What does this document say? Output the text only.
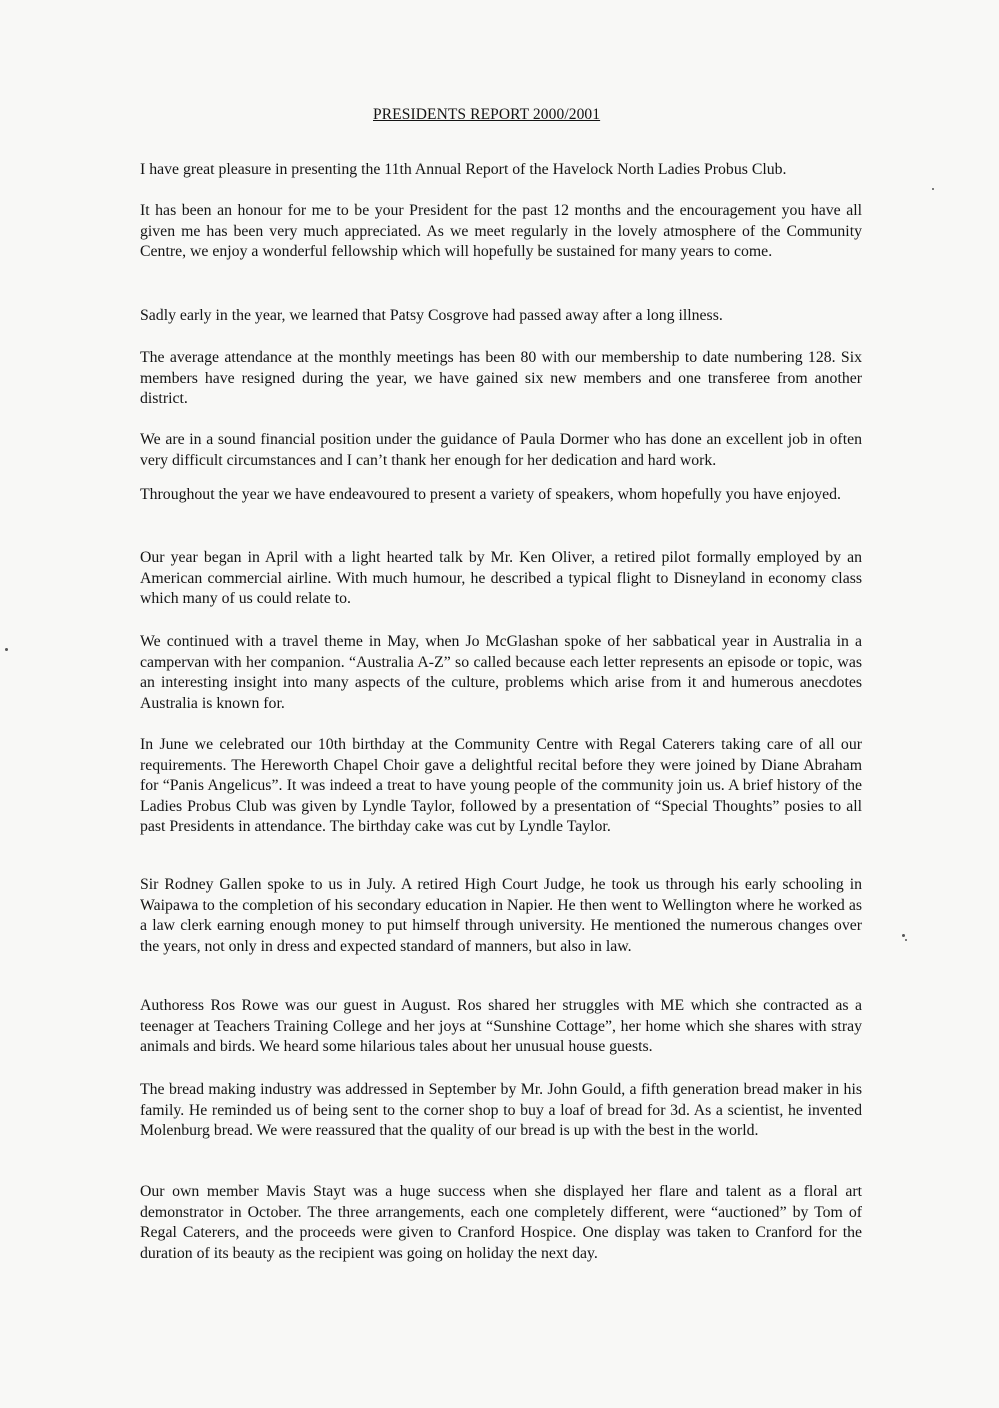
PRESIDENTS REPORT 2000/2001

I have great pleasure in presenting the 11th Annual Report of the Havelock North Ladies Probus Club.

It has been an honour for me to be your President for the past 12 months and the encouragement you have all given me has been very much appreciated. As we meet regularly in the lovely atmosphere of the Community Centre, we enjoy a wonderful fellowship which will hopefully be sustained for many years to come.

Sadly early in the year, we learned that Patsy Cosgrove had passed away after a long illness.

The average attendance at the monthly meetings has been 80 with our membership to date numbering 128. Six members have resigned during the year, we have gained six new members and one transferee from another district.

We are in a sound financial position under the guidance of Paula Dormer who has done an excellent job in often very difficult circumstances and I can’t thank her enough for her dedication and hard work.

Throughout the year we have endeavoured to present a variety of speakers, whom hopefully you have enjoyed.

Our year began in April with a light hearted talk by Mr. Ken Oliver, a retired pilot formally employed by an American commercial airline. With much humour, he described a typical flight to Disneyland in economy class which many of us could relate to.

We continued with a travel theme in May, when Jo McGlashan spoke of her sabbatical year in Australia in a campervan with her companion. “Australia A-Z” so called because each letter represents an episode or topic, was an interesting insight into many aspects of the culture, problems which arise from it and humerous anecdotes Australia is known for.

In June we celebrated our 10th birthday at the Community Centre with Regal Caterers taking care of all our requirements. The Hereworth Chapel Choir gave a delightful recital before they were joined by Diane Abraham for “Panis Angelicus”. It was indeed a treat to have young people of the community join us. A brief history of the Ladies Probus Club was given by Lyndle Taylor, followed by a presentation of “Special Thoughts” posies to all past Presidents in attendance. The birthday cake was cut by Lyndle Taylor.

Sir Rodney Gallen spoke to us in July. A retired High Court Judge, he took us through his early schooling in Waipawa to the completion of his secondary education in Napier. He then went to Wellington where he worked as a law clerk earning enough money to put himself through university. He mentioned the numerous changes over the years, not only in dress and expected standard of manners, but also in law.

Authoress Ros Rowe was our guest in August. Ros shared her struggles with ME which she contracted as a teenager at Teachers Training College and her joys at “Sunshine Cottage”, her home which she shares with stray animals and birds. We heard some hilarious tales about her unusual house guests.

The bread making industry was addressed in September by Mr. John Gould, a fifth generation bread maker in his family. He reminded us of being sent to the corner shop to buy a loaf of bread for 3d. As a scientist, he invented Molenburg bread. We were reassured that the quality of our bread is up with the best in the world.

Our own member Mavis Stayt was a huge success when she displayed her flare and talent as a floral art demonstrator in October. The three arrangements, each one completely different, were “auctioned” by Tom of Regal Caterers, and the proceeds were given to Cranford Hospice. One display was taken to Cranford for the duration of its beauty as the recipient was going on holiday the next day.
